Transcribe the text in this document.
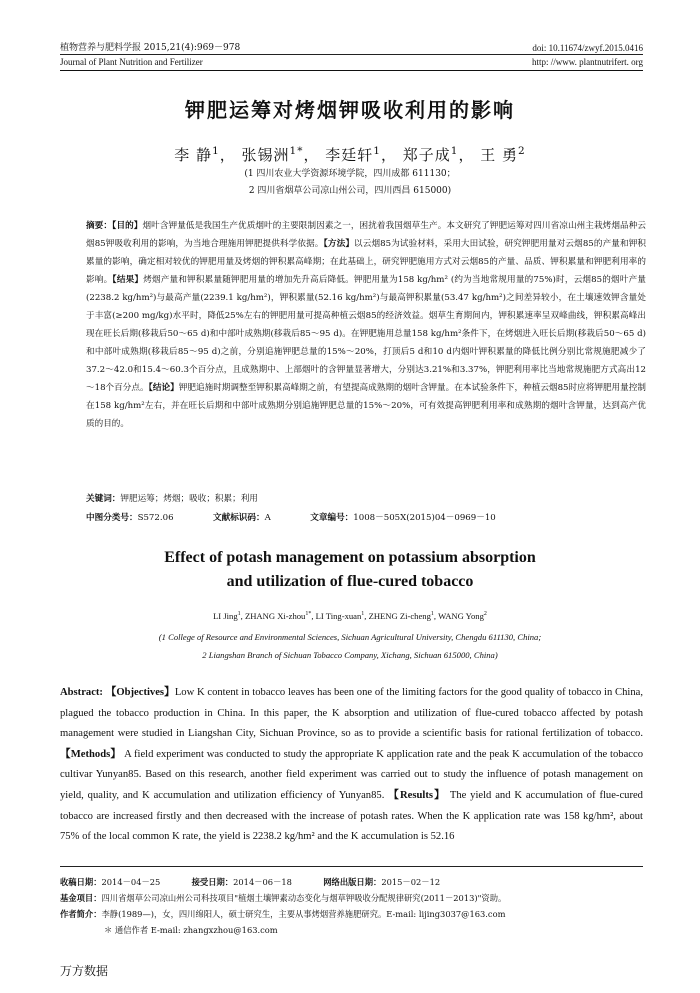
植物营养与肥料学报 2015,21(4):969－978
Journal of Plant Nutrition and Fertilizer
doi: 10.11674/zwyf.2015.0416
http: //www. plantnutrifert. org
钾肥运筹对烤烟钾吸收利用的影响
李 静$^1$， 张锡洲$^{1*}$， 李廷轩$^1$， 郑子成$^1$， 王 勇$^2$
(1 四川农业大学资源环境学院，四川成都 611130；
2 四川省烟草公司凉山州公司，四川西昌 615000)
摘要：【目的】烟叶含钾量低是我国生产优质烟叶的主要限制因素之一，困扰着我国烟草生产。本文研究了钾肥运筹对四川省凉山州主栽烤烟品种云烟85钾吸收利用的影响，为当地合理施用钾肥提供科学依据。【方法】以云烟85为试验材料，采用大田试验，研究钾肥用量对云烟85的产量和钾积累量的影响，确定相对较优的钾肥用量及烤烟的钾积累高峰期；在此基础上，研究钾肥施用方式对云烟85的产量、品质、钾积累量和钾肥利用率的影响。【结果】烤烟产量和钾积累量随钾肥用量的增加先升高后降低。钾肥用量为158 kg/hm² (约为当地常规用量的75%)时，云烟85的烟叶产量(2238.2 kg/hm²)与最高产量(2239.1 kg/hm²)，钾积累量(52.16 kg/hm²)与最高钾积累量(53.47 kg/hm²)之间差异较小，在土壤速效钾含量处于丰富(≥200 mg/kg)水平时，降低25%左右的钾肥用量可提高种植云烟85的经济效益。烟草生育期间内，钾积累速率呈双峰曲线，钾积累高峰出现在旺长后期(移栽后50～65 d)和中部叶成熟期(移栽后85～95 d)。在钾肥施用总量158 kg/hm²条件下，在烤烟进入旺长后期(移栽后50～65 d)和中部叶成熟期(移栽后85～95 d)之前，分别追施钾肥总量的15%～20%，打顶后5 d和10 d内烟叶钾积累量的降低比例分别比常规施肥减少了37.2～42.0和15.4～60.3个百分点，且成熟期中、上部烟叶的含钾量显著增大，分别达3.21%和3.37%，钾肥利用率比当地常规施肥方式高出12～18个百分点。【结论】钾肥追施时期调整至钾积累高峰期之前，有望提高成熟期的烟叶含钾量。在本试验条件下，种植云烟85时应将钾肥用量控制在158 kg/hm²左右，并在旺长后期和中部叶成熟期分别追施钾肥总量的15%～20%，可有效提高钾肥利用率和成熟期的烟叶含钾量，达到高产优质的目的。
关键词：钾肥运筹；烤烟；吸收；积累；利用
中图分类号：S572.06	文献标识码：A	文章编号：1008－505X(2015)04－0969－10
Effect of potash management on potassium absorption
and utilization of flue-cured tobacco
LI Jing$^1$, ZHANG Xi-zhou$^{1*}$, LI Ting-xuan$^1$, ZHENG Zi-cheng$^1$, WANG Yong$^2$
(1 College of Resource and Environmental Sciences, Sichuan Agricultural University, Chengdu 611130, China;
2 Liangshan Branch of Sichuan Tobacco Company, Xichang, Sichuan 615000, China)
Abstract: 【Objectives】Low K content in tobacco leaves has been one of the limiting factors for the good quality of tobacco in China, plagued the tobacco production in China. In this paper, the K absorption and utilization of flue-cured tobacco affected by potash management were studied in Liangshan City, Sichuan Province, so as to provide a scientific basis for rational fertilization of tobacco. 【Methods】 A field experiment was conducted to study the appropriate K application rate and the peak K accumulation of the tobacco cultivar Yunyan85. Based on this research, another field experiment was carried out to study the influence of potash management on yield, quality, and K accumulation and utilization efficiency of Yunyan85. 【Results】 The yield and K accumulation of flue-cured tobacco are increased firstly and then decreased with the increase of potash rates. When the K application rate was 158 kg/hm², about 75% of the local common K rate, the yield is 2238.2 kg/hm² and the K accumulation is 52.16
收稿日期：2014－04－25	接受日期：2014－06－18	网络出版日期：2015－02－12
基金项目：四川省烟草公司凉山州公司科技项目"植烟土壤钾素动态变化与烟草钾吸收分配规律研究(2011－2013)"资助。
作者简介：李静(1989—)，女，四川绵阳人，硕士研究生，主要从事烤烟营养施肥研究。E-mail: lijing3037@163.com
＊ 通信作者 E-mail: zhangxzhou@163.com
万方数据
